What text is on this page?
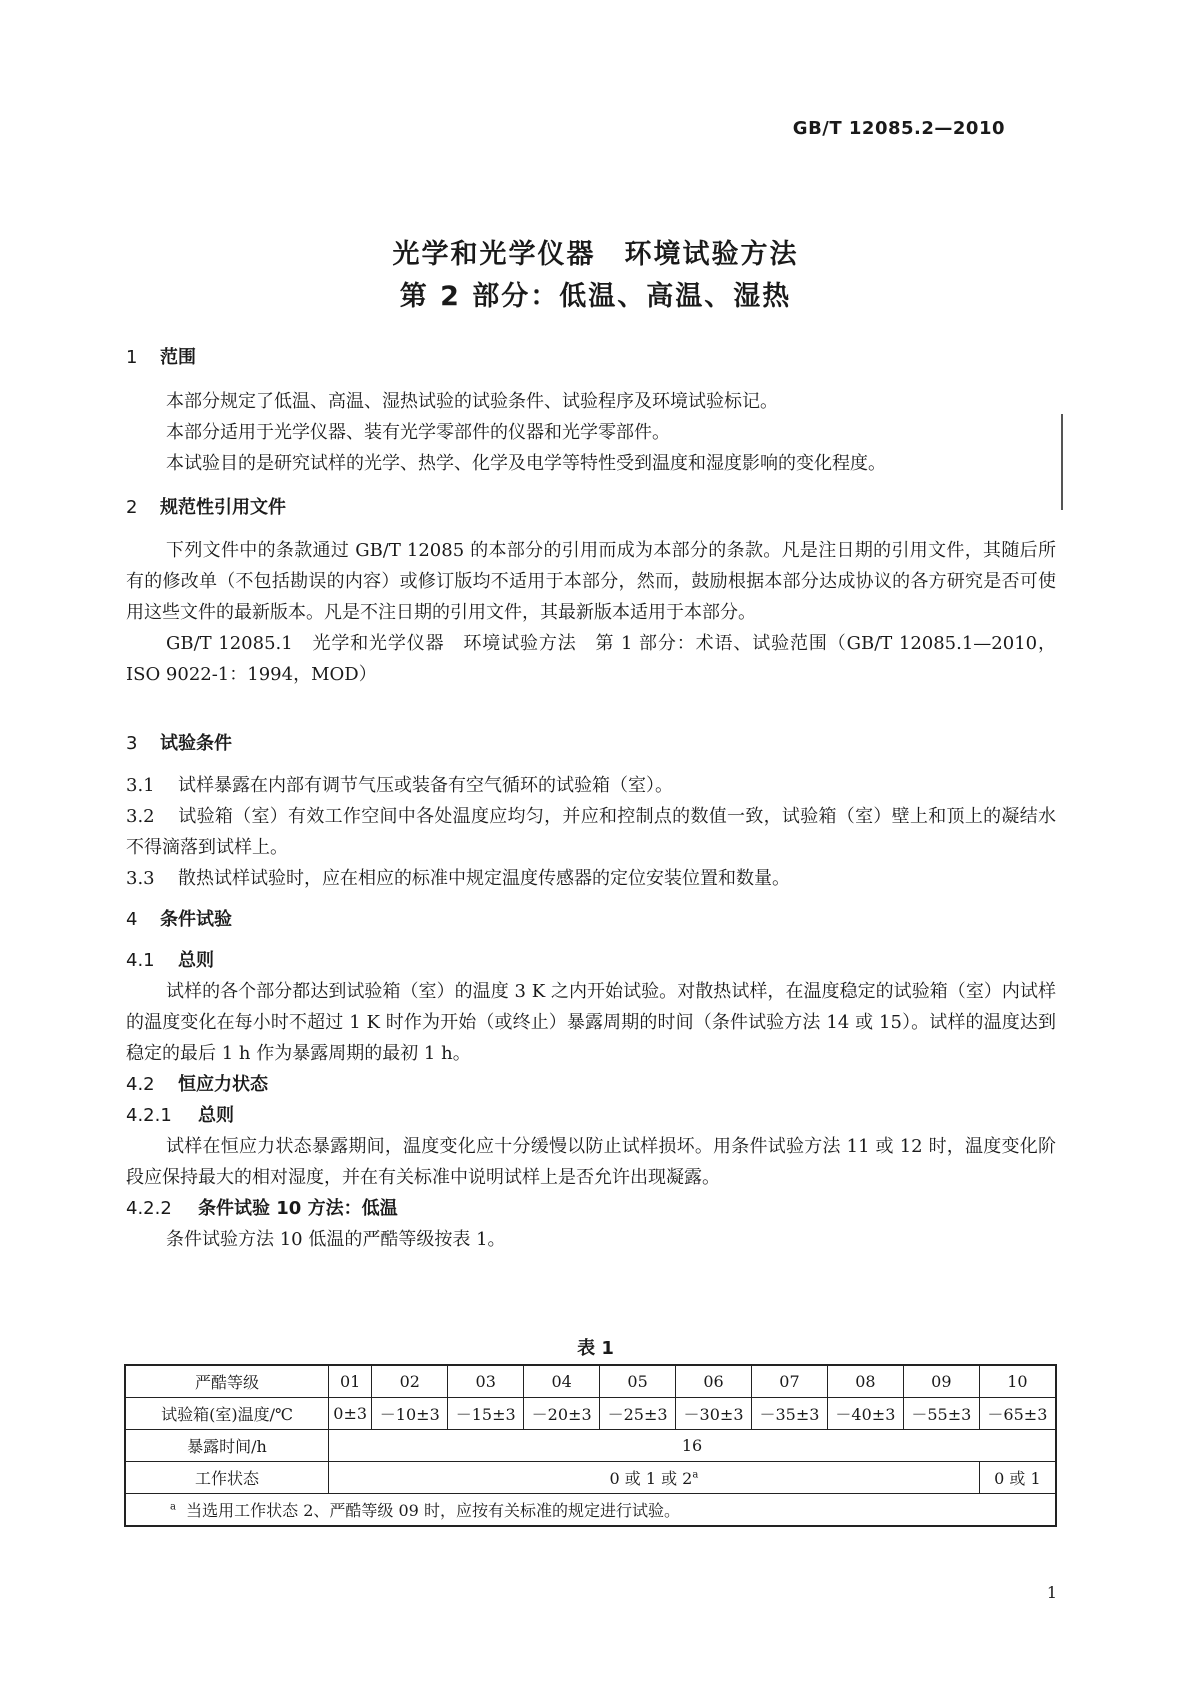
GB/T 12085.2—2010
光学和光学仪器　环境试验方法
第 2 部分：低温、高温、湿热
1 范围
本部分规定了低温、高温、湿热试验的试验条件、试验程序及环境试验标记。
本部分适用于光学仪器、装有光学零部件的仪器和光学零部件。
本试验目的是研究试样的光学、热学、化学及电学等特性受到温度和湿度影响的变化程度。
2 规范性引用文件
下列文件中的条款通过 GB/T 12085 的本部分的引用而成为本部分的条款。凡是注日期的引用文件，其随后所有的修改单（不包括勘误的内容）或修订版均不适用于本部分，然而，鼓励根据本部分达成协议的各方研究是否可使用这些文件的最新版本。凡是不注日期的引用文件，其最新版本适用于本部分。
GB/T 12085.1　光学和光学仪器　环境试验方法　第 1 部分：术语、试验范围（GB/T 12085.1—2010，ISO 9022-1：1994，MOD）
3 试验条件
3.1 试样暴露在内部有调节气压或装备有空气循环的试验箱（室）。
3.2 试验箱（室）有效工作空间中各处温度应均匀，并应和控制点的数值一致，试验箱（室）壁上和顶上的凝结水不得滴落到试样上。
3.3 散热试样试验时，应在相应的标准中规定温度传感器的定位安装位置和数量。
4 条件试验
4.1 总则
试样的各个部分都达到试验箱（室）的温度 3 K 之内开始试验。对散热试样，在温度稳定的试验箱（室）内试样的温度变化在每小时不超过 1 K 时作为开始（或终止）暴露周期的时间（条件试验方法 14 或 15）。试样的温度达到稳定的最后 1 h 作为暴露周期的最初 1 h。
4.2 恒应力状态
4.2.1 总则
试样在恒应力状态暴露期间，温度变化应十分缓慢以防止试样损坏。用条件试验方法 11 或 12 时，温度变化阶段应保持最大的相对湿度，并在有关标准中说明试样上是否允许出现凝露。
4.2.2 条件试验 10 方法：低温
条件试验方法 10 低温的严酷等级按表 1。
表 1
严酷等级	01	02	03	04	05	06	07	08	09	10
试验箱(室)温度/℃	0±3	－10±3	－15±3	－20±3	－25±3	－30±3	－35±3	－40±3	－55±3	－65±3
暴露时间/h	16									
工作状态	0 或 1 或 2$^a$									0 或 1
$^a$ 当选用工作状态 2、严酷等级 09 时，应按有关标准的规定进行试验。										
1
